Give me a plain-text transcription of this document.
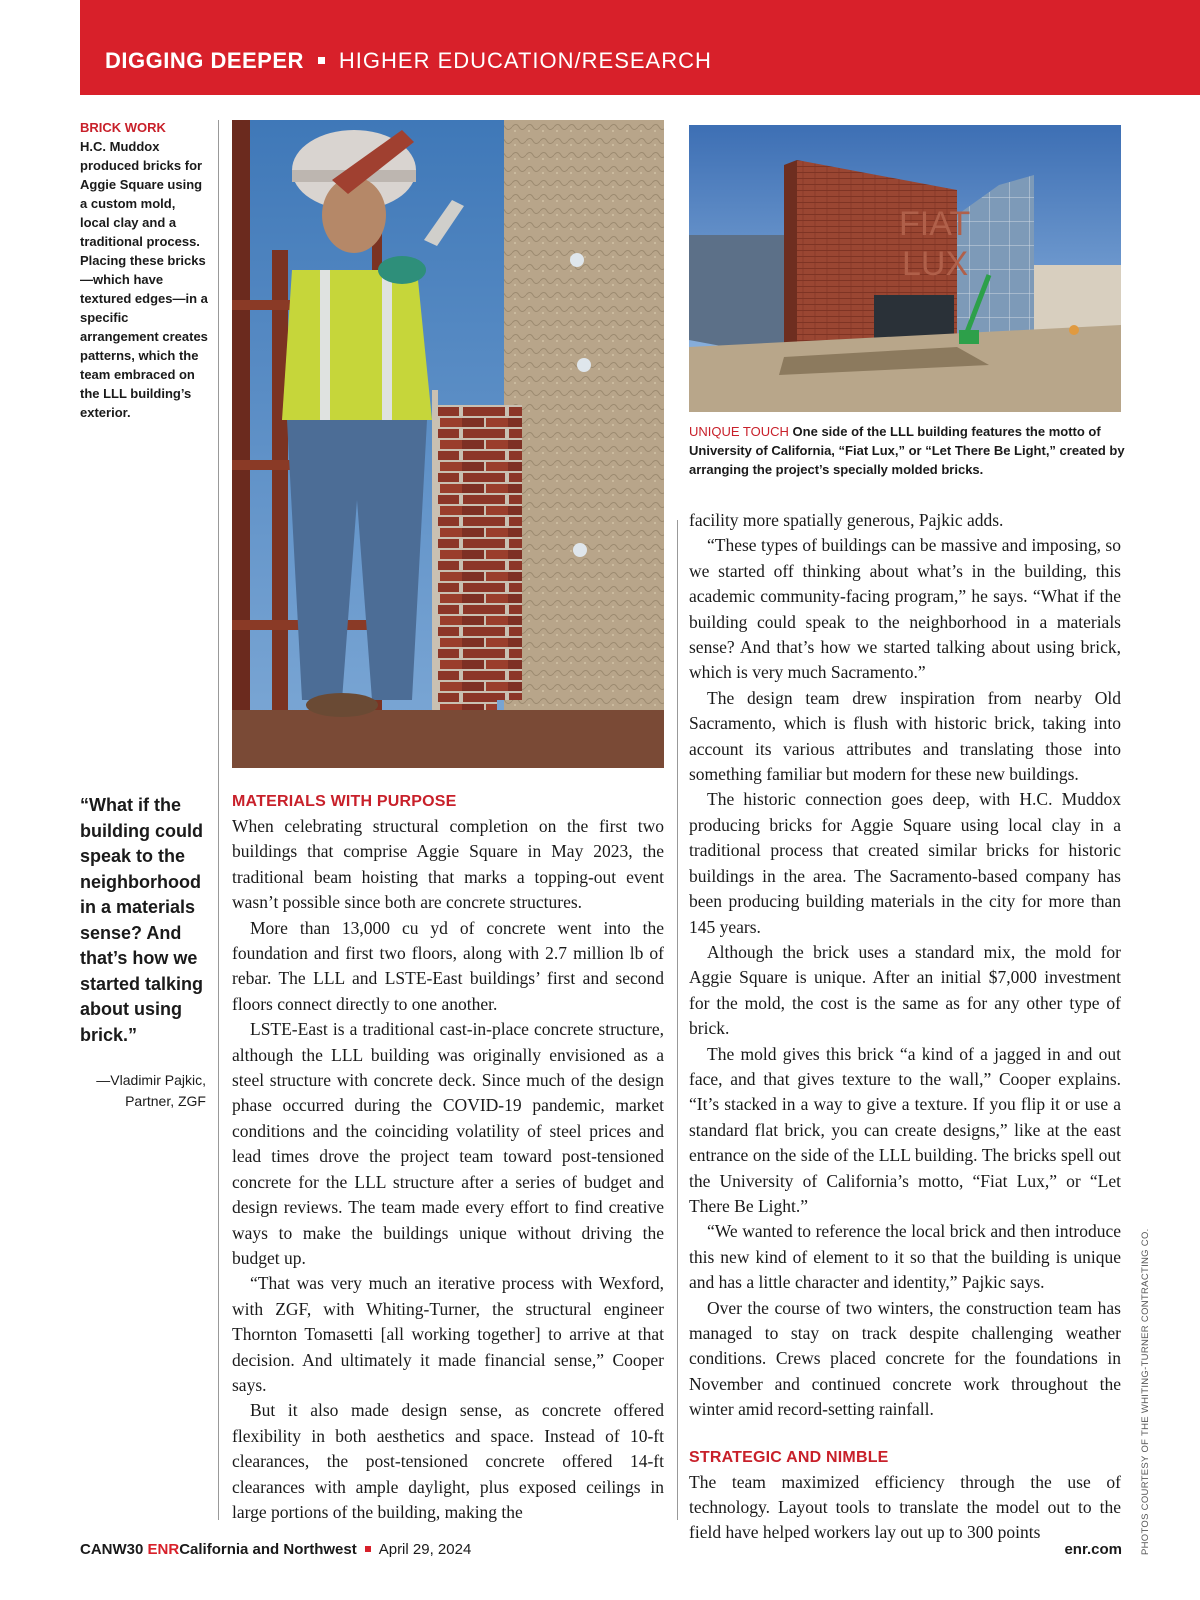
DIGGING DEEPER HIGHER EDUCATION/RESEARCH
BRICK WORK
H.C. Muddox produced bricks for Aggie Square using a custom mold, local clay and a traditional process. Placing these bricks—which have textured edges—in a specific arrangement creates patterns, which the team embraced on the LLL building’s exterior.
FIAT
LUX
UNIQUE TOUCH One side of the LLL building features the motto of University of California, “Fiat Lux,” or “Let There Be Light,” created by arranging the project’s specially molded bricks.
“What if the building could speak to the neighborhood in a materials sense? And that’s how we started talking about using brick.”
—Vladimir Pajkic,
Partner, ZGF
MATERIALS WITH PURPOSE

When celebrating structural completion on the first two buildings that comprise Aggie Square in May 2023, the traditional beam hoisting that marks a topping-out event wasn’t possible since both are concrete structures.

More than 13,000 cu yd of concrete went into the foundation and first two floors, along with 2.7 million lb of rebar. The LLL and LSTE-East buildings’ first and second floors connect directly to one another.

LSTE-East is a traditional cast-in-place concrete structure, although the LLL building was originally envisioned as a steel structure with concrete deck. Since much of the design phase occurred during the COVID-19 pandemic, market conditions and the coinciding volatility of steel prices and lead times drove the project team toward post-tensioned concrete for the LLL structure after a series of budget and design reviews. The team made every effort to find creative ways to make the buildings unique without driving the budget up.

“That was very much an iterative process with Wexford, with ZGF, with Whiting-Turner, the structural engineer Thornton Tomasetti [all working together] to arrive at that decision. And ultimately it made financial sense,” Cooper says.

But it also made design sense, as concrete offered flexibility in both aesthetics and space. Instead of 10-ft clearances, the post-tensioned concrete offered 14-ft clearances with ample daylight, plus exposed ceilings in large portions of the building, making the

facility more spatially generous, Pajkic adds.

“These types of buildings can be massive and imposing, so we started off thinking about what’s in the building, this academic community-facing program,” he says. “What if the building could speak to the neighborhood in a materials sense? And that’s how we started talking about using brick, which is very much Sacramento.”

The design team drew inspiration from nearby Old Sacramento, which is flush with historic brick, taking into account its various attributes and translating those into something familiar but modern for these new buildings.

The historic connection goes deep, with H.C. Muddox producing bricks for Aggie Square using local clay in a traditional process that created similar bricks for historic buildings in the area. The Sacramento-based company has been producing building materials in the city for more than 145 years.

Although the brick uses a standard mix, the mold for Aggie Square is unique. After an initial $7,000 investment for the mold, the cost is the same as for any other type of brick.

The mold gives this brick “a kind of a jagged in and out face, and that gives texture to the wall,” Cooper explains. “It’s stacked in a way to give a texture. If you flip it or use a standard flat brick, you can create designs,” like at the east entrance on the side of the LLL building. The bricks spell out the University of California’s motto, “Fiat Lux,” or “Let There Be Light.”

“We wanted to reference the local brick and then introduce this new kind of element to it so that the building is unique and has a little character and identity,” Pajkic says.

Over the course of two winters, the construction team has managed to stay on track despite challenging weather conditions. Crews placed concrete for the foundations in November and continued concrete work throughout the winter amid record-setting rainfall.

STRATEGIC AND NIMBLE

The team maximized efficiency through the use of technology. Layout tools to translate the model out to the field have helped workers lay out up to 300 points	PHOTOS COURTESY OF THE WHITING-TURNER CONTRACTING CO.
CANW30 ENRCalifornia and Northwest April 29, 2024	enr.com
